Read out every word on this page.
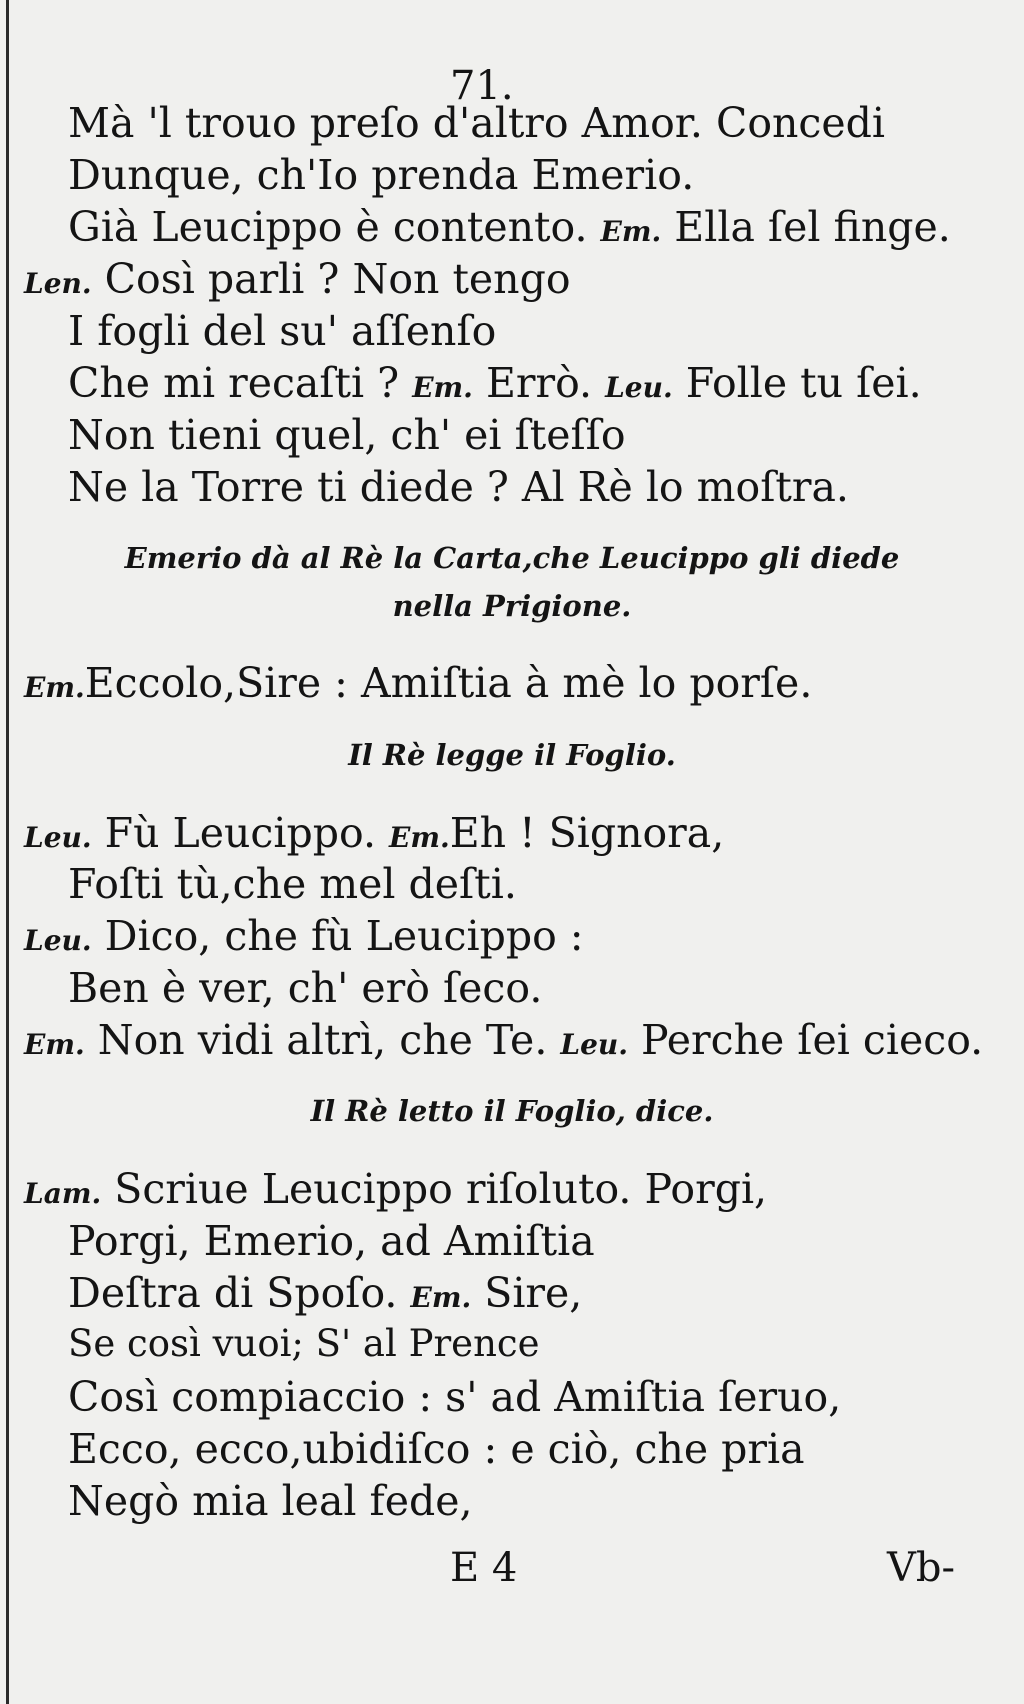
71.
Mà 'l trouo preſo d'altro Amor. Concedi
Dunque, ch'Io prenda Emerio.
Già Leucippo è contento. Em. Ella ſel finge.
Len. Così parli ? Non tengo
I fogli del su' aſſenſo
Che mi recaſti ? Em. Errò. Leu. Folle tu ſei.
Non tieni quel, ch' ei ſteſſo
Ne la Torre ti diede ? Al Rè lo moſtra.
Emerio dà al Rè la Carta,che Leucippo gli diede
nella Prigione.
Em.Eccolo,Sire : Amiſtia à mè lo porſe.
Il Rè legge il Foglio.
Leu. Fù Leucippo. Em.Eh ! Signora,
Foſti tù,che mel deſti.
Leu. Dico, che fù Leucippo :
Ben è ver, ch' erò ſeco.
Em. Non vidi altrì, che Te. Leu. Perche ſei cieco.
Il Rè letto il Foglio, dice.
Lam. Scriue Leucippo riſoluto. Porgi,
Porgi, Emerio, ad Amiſtia
Deſtra di Spoſo. Em. Sire,
Se così vuoi; S' al Prence
Così compiaccio : s' ad Amiſtia ſeruo,
Ecco, ecco,ubidiſco : e ciò, che pria
Negò mia leal fede,
E 4	Vb-
